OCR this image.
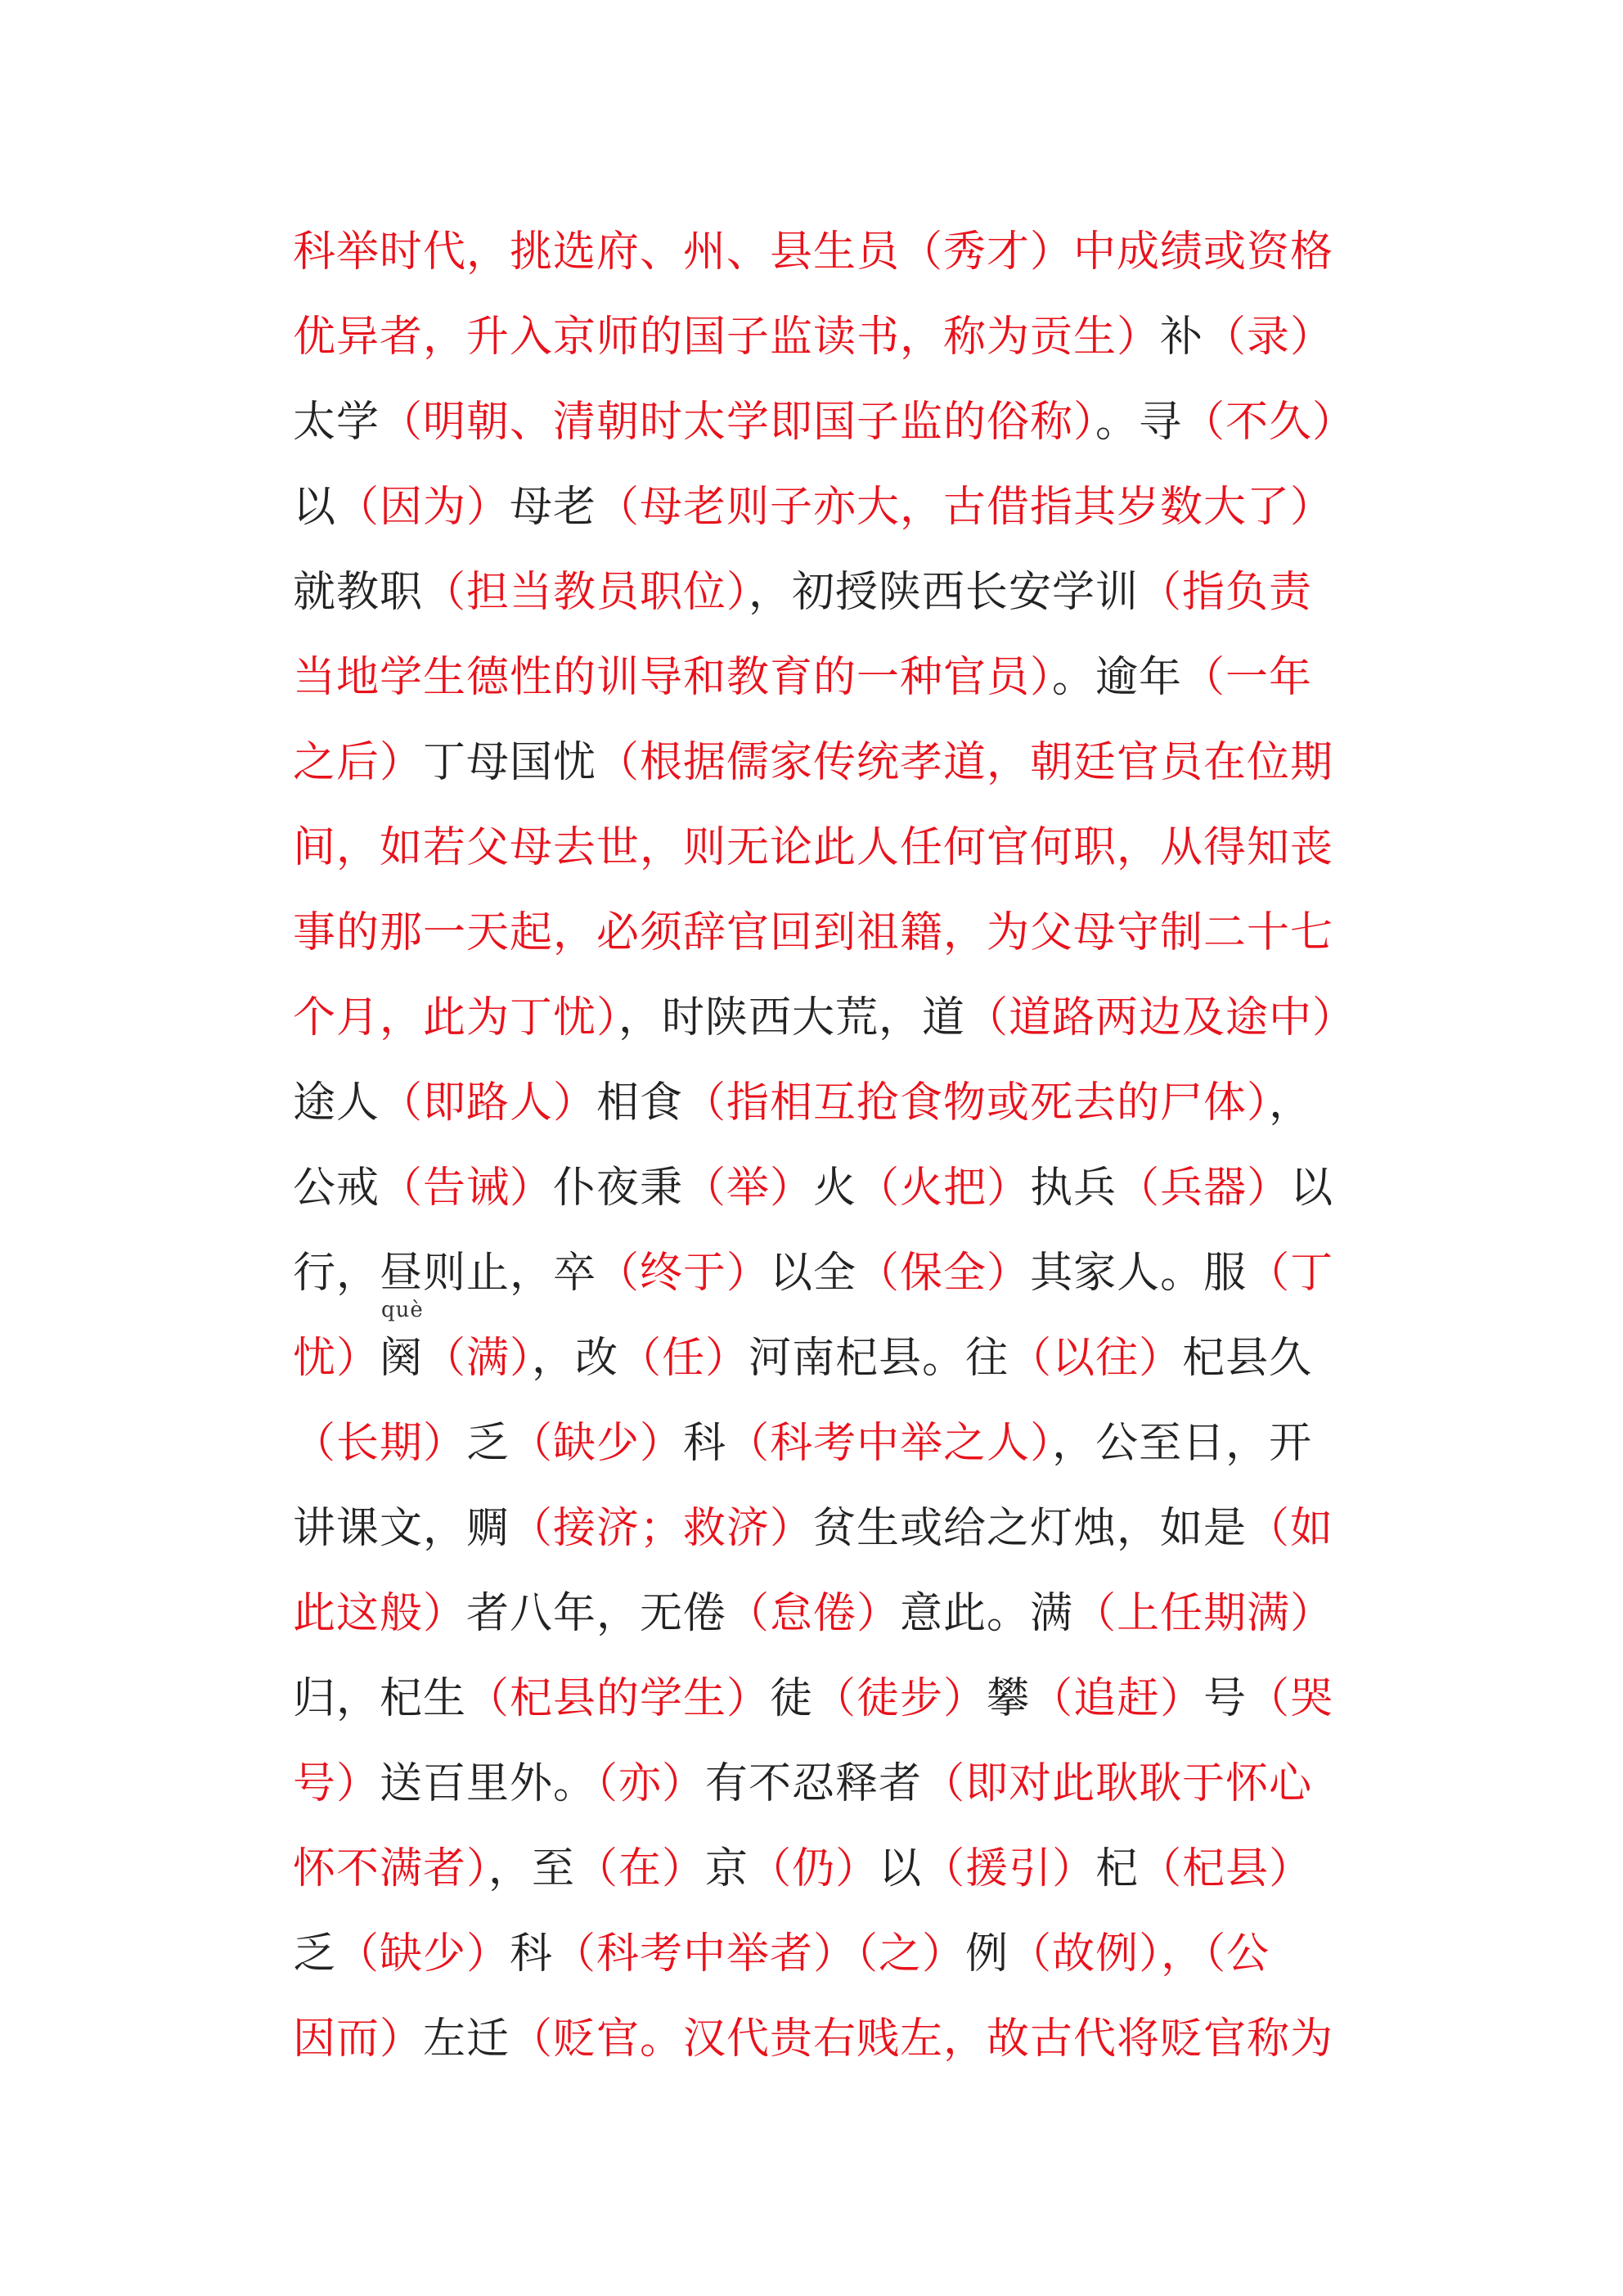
科举时代，挑选府、州、县生员（秀才）中成绩或资格
优异者，升入京师的国子监读书，称为贡生）补（录）
太学（明朝、清朝时太学即国子监的俗称）。寻（不久）
以（因为）母老（母老则子亦大，古借指其岁数大了）
就教职（担当教员职位），初授陕西长安学训（指负责
当地学生德性的训导和教育的一种官员）。逾年（一年
之后）丁母国忧（根据儒家传统孝道，朝廷官员在位期
间，如若父母去世，则无论此人任何官何职，从得知丧
事的那一天起，必须辞官回到祖籍，为父母守制二十七
个月，此为丁忧），时陕西大荒，道（道路两边及途中）
途人（即路人）相食（指相互抢食物或死去的尸体），
公戒（告诫）仆夜秉（举）火（火把）执兵（兵器）以
行，昼则止，卒（终于）以全（保全）其家人。服（丁
què
忧）阕（满），改（任）河南杞县。往（以往）杞县久
（长期）乏（缺少）科（科考中举之人），公至日，开
讲课文，赒（接济；救济）贫生或给之灯烛，如是（如
此这般）者八年，无倦（怠倦）意此。满（上任期满）
归，杞生（杞县的学生）徒（徒步）攀（追赶）号（哭
号）送百里外。（亦）有不忍释者（即对此耿耿于怀心
怀不满者），至（在）京（仍）以（援引）杞（杞县）
乏（缺少）科（科考中举者）（之）例（故例），（公
因而）左迁（贬官。汉代贵右贱左，故古代将贬官称为
